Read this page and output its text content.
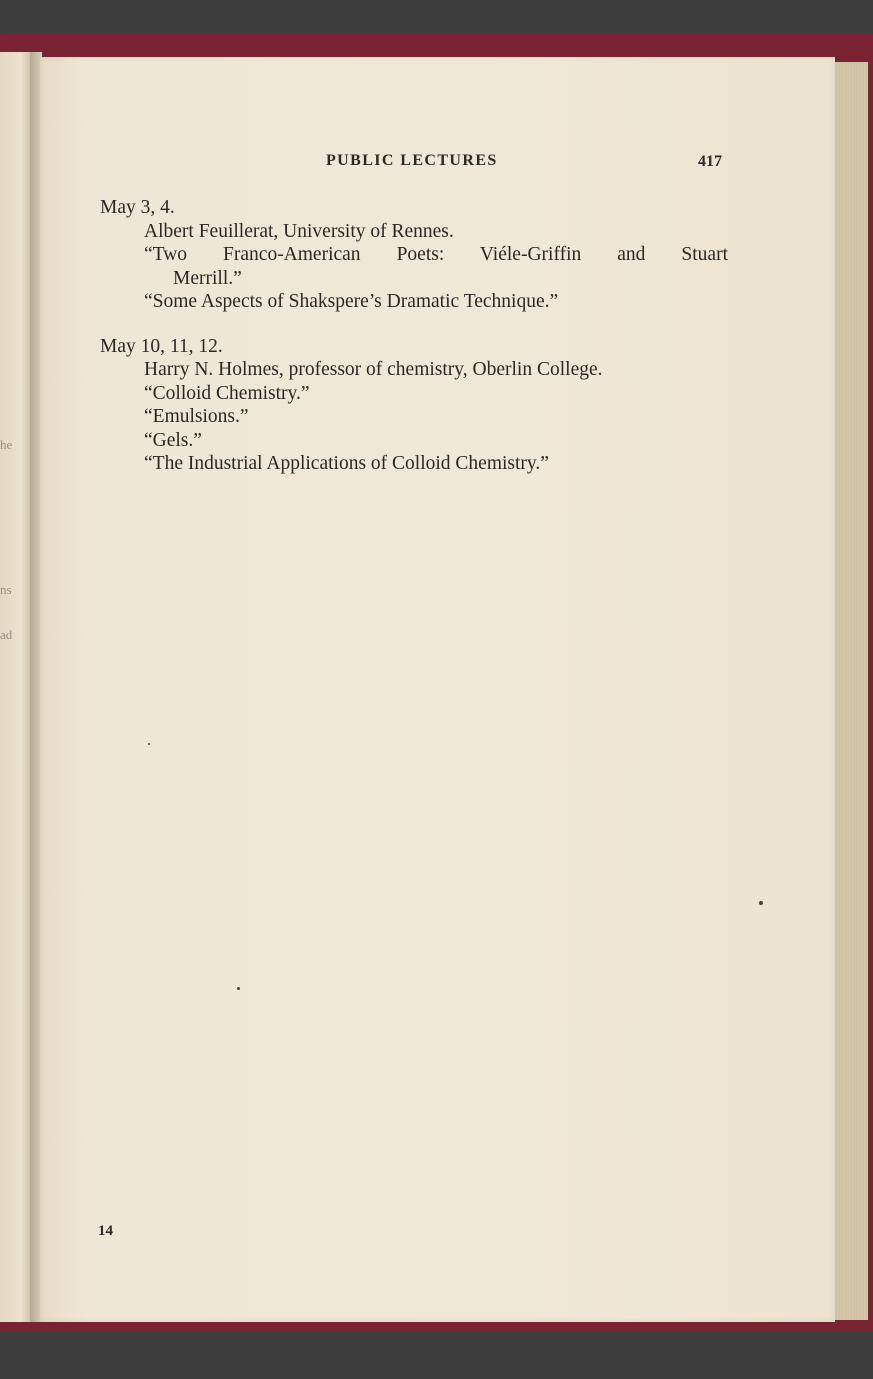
he
ns
ad
PUBLIC LECTURES	417
May 3, 4.
Albert Feuillerat, University of Rennes.
“Two Franco-American Poets: Viéle-Griffin and Stuart
Merrill.”
“Some Aspects of Shakspere’s Dramatic Technique.”
May 10, 11, 12.
Harry N. Holmes, professor of chemistry, Oberlin College.
“Colloid Chemistry.”
“Emulsions.”
“Gels.”
“The Industrial Applications of Colloid Chemistry.”
14
